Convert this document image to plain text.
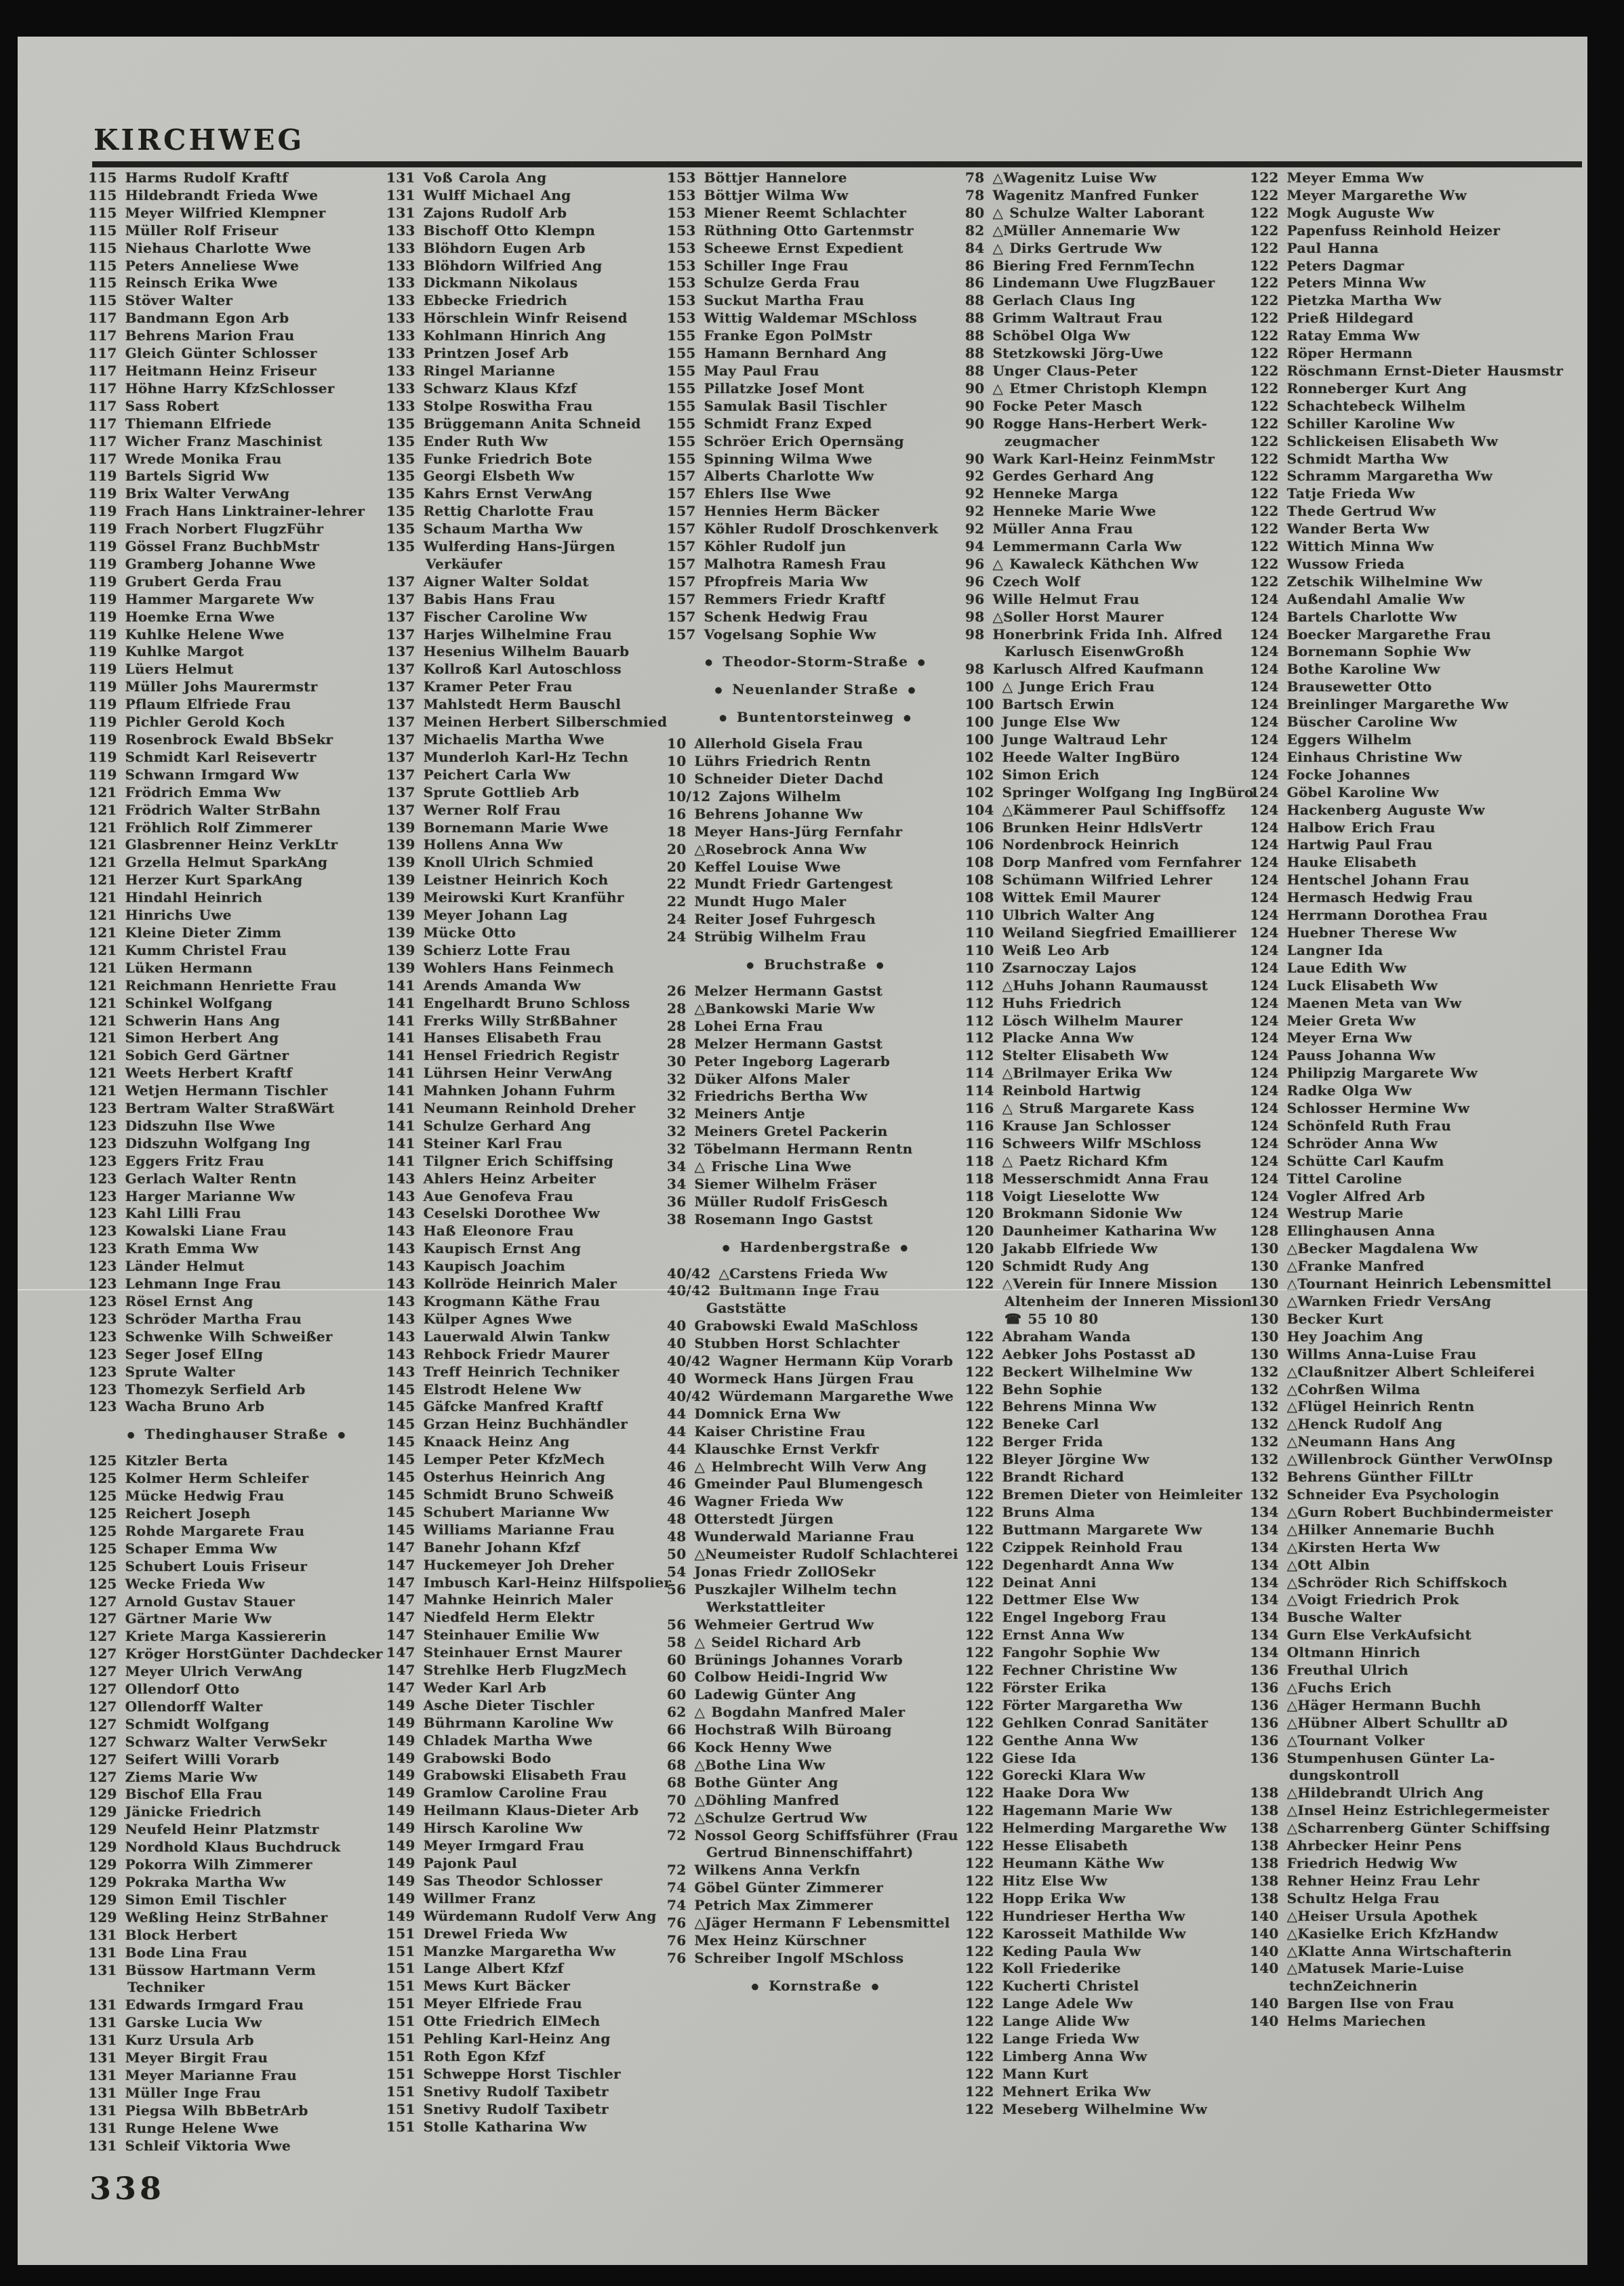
KIRCHWEG
115 Harms Rudolf Kraftf
115 Hildebrandt Frieda Wwe
115 Meyer Wilfried Klempner
115 Müller Rolf Friseur
115 Niehaus Charlotte Wwe
115 Peters Anneliese Wwe
115 Reinsch Erika Wwe
115 Stöver Walter
117 Bandmann Egon Arb
117 Behrens Marion Frau
117 Gleich Günter Schlosser
117 Heitmann Heinz Friseur
117 Höhne Harry KfzSchlosser
117 Sass Robert
117 Thiemann Elfriede
117 Wicher Franz Maschinist
117 Wrede Monika Frau
119 Bartels Sigrid Ww
119 Brix Walter VerwAng
119 Frach Hans Linktrainer-lehrer
119 Frach Norbert FlugzFühr
119 Gössel Franz BuchbMstr
119 Gramberg Johanne Wwe
119 Grubert Gerda Frau
119 Hammer Margarete Ww
119 Hoemke Erna Wwe
119 Kuhlke Helene Wwe
119 Kuhlke Margot
119 Lüers Helmut
119 Müller Johs Maurermstr
119 Pflaum Elfriede Frau
119 Pichler Gerold Koch
119 Rosenbrock Ewald BbSekr
119 Schmidt Karl Reisevertr
119 Schwann Irmgard Ww
121 Frödrich Emma Ww
121 Frödrich Walter StrBahn
121 Fröhlich Rolf Zimmerer
121 Glasbrenner Heinz VerkLtr
121 Grzella Helmut SparkAng
121 Herzer Kurt SparkAng
121 Hindahl Heinrich
121 Hinrichs Uwe
121 Kleine Dieter Zimm
121 Kumm Christel Frau
121 Lüken Hermann
121 Reichmann Henriette Frau
121 Schinkel Wolfgang
121 Schwerin Hans Ang
121 Simon Herbert Ang
121 Sobich Gerd Gärtner
121 Weets Herbert Kraftf
121 Wetjen Hermann Tischler
123 Bertram Walter StraßWärt
123 Didszuhn Ilse Wwe
123 Didszuhn Wolfgang Ing
123 Eggers Fritz Frau
123 Gerlach Walter Rentn
123 Harger Marianne Ww
123 Kahl Lilli Frau
123 Kowalski Liane Frau
123 Krath Emma Ww
123 Länder Helmut
123 Lehmann Inge Frau
123 Rösel Ernst Ang
123 Schröder Martha Frau
123 Schwenke Wilh Schweißer
123 Seger Josef ElIng
123 Sprute Walter
123 Thomezyk Serfield Arb
123 Wacha Bruno Arb
● Thedinghauser Straße ●
125 Kitzler Berta
125 Kolmer Herm Schleifer
125 Mücke Hedwig Frau
125 Reichert Joseph
125 Rohde Margarete Frau
125 Schaper Emma Ww
125 Schubert Louis Friseur
125 Wecke Frieda Ww
127 Arnold Gustav Stauer
127 Gärtner Marie Ww
127 Kriete Marga Kassiererin
127 Kröger HorstGünter Dachdecker
127 Meyer Ulrich VerwAng
127 Ollendorf Otto
127 Ollendorff Walter
127 Schmidt Wolfgang
127 Schwarz Walter VerwSekr
127 Seifert Willi Vorarb
127 Ziems Marie Ww
129 Bischof Ella Frau
129 Jänicke Friedrich
129 Neufeld Heinr Platzmstr
129 Nordhold Klaus Buchdruck
129 Pokorra Wilh Zimmerer
129 Pokraka Martha Ww
129 Simon Emil Tischler
129 Weßling Heinz StrBahner
131 Block Herbert
131 Bode Lina Frau
131 Büssow Hartmann Verm Techniker
131 Edwards Irmgard Frau
131 Garske Lucia Ww
131 Kurz Ursula Arb
131 Meyer Birgit Frau
131 Meyer Marianne Frau
131 Müller Inge Frau
131 Piegsa Wilh BbBetrArb
131 Runge Helene Wwe
131 Schleif Viktoria Wwe
131 Voß Carola Ang
131 Wulff Michael Ang
131 Zajons Rudolf Arb
133 Bischoff Otto Klempn
133 Blöhdorn Eugen Arb
133 Blöhdorn Wilfried Ang
133 Dickmann Nikolaus
133 Ebbecke Friedrich
133 Hörschlein Winfr Reisend
133 Kohlmann Hinrich Ang
133 Printzen Josef Arb
133 Ringel Marianne
133 Schwarz Klaus Kfzf
133 Stolpe Roswitha Frau
135 Brüggemann Anita Schneid
135 Ender Ruth Ww
135 Funke Friedrich Bote
135 Georgi Elsbeth Ww
135 Kahrs Ernst VerwAng
135 Rettig Charlotte Frau
135 Schaum Martha Ww
135 Wulferding Hans-Jürgen Verkäufer
137 Aigner Walter Soldat
137 Babis Hans Frau
137 Fischer Caroline Ww
137 Harjes Wilhelmine Frau
137 Hesenius Wilhelm Bauarb
137 Kollroß Karl Autoschloss
137 Kramer Peter Frau
137 Mahlstedt Herm Bauschl
137 Meinen Herbert Silberschmied
137 Michaelis Martha Wwe
137 Munderloh Karl-Hz Techn
137 Peichert Carla Ww
137 Sprute Gottlieb Arb
137 Werner Rolf Frau
139 Bornemann Marie Wwe
139 Hollens Anna Ww
139 Knoll Ulrich Schmied
139 Leistner Heinrich Koch
139 Meirowski Kurt Kranführ
139 Meyer Johann Lag
139 Mücke Otto
139 Schierz Lotte Frau
139 Wohlers Hans Feinmech
141 Arends Amanda Ww
141 Engelhardt Bruno Schloss
141 Frerks Willy StrßBahner
141 Hanses Elisabeth Frau
141 Hensel Friedrich Registr
141 Lührsen Heinr VerwAng
141 Mahnken Johann Fuhrm
141 Neumann Reinhold Dreher
141 Schulze Gerhard Ang
141 Steiner Karl Frau
141 Tilgner Erich Schiffsing
143 Ahlers Heinz Arbeiter
143 Aue Genofeva Frau
143 Ceselski Dorothee Ww
143 Haß Eleonore Frau
143 Kaupisch Ernst Ang
143 Kaupisch Joachim
143 Kollröde Heinrich Maler
143 Krogmann Käthe Frau
143 Külper Agnes Wwe
143 Lauerwald Alwin Tankw
143 Rehbock Friedr Maurer
143 Treff Heinrich Techniker
145 Elstrodt Helene Ww
145 Gäfcke Manfred Kraftf
145 Grzan Heinz Buchhändler
145 Knaack Heinz Ang
145 Lemper Peter KfzMech
145 Osterhus Heinrich Ang
145 Schmidt Bruno Schweiß
145 Schubert Marianne Ww
145 Williams Marianne Frau
147 Banehr Johann Kfzf
147 Huckemeyer Joh Dreher
147 Imbusch Karl-Heinz Hilfspolier
147 Mahnke Heinrich Maler
147 Niedfeld Herm Elektr
147 Steinhauer Emilie Ww
147 Steinhauer Ernst Maurer
147 Strehlke Herb FlugzMech
147 Weder Karl Arb
149 Asche Dieter Tischler
149 Bührmann Karoline Ww
149 Chladek Martha Wwe
149 Grabowski Bodo
149 Grabowski Elisabeth Frau
149 Gramlow Caroline Frau
149 Heilmann Klaus-Dieter Arb
149 Hirsch Karoline Ww
149 Meyer Irmgard Frau
149 Pajonk Paul
149 Sas Theodor Schlosser
149 Willmer Franz
149 Würdemann Rudolf Verw Ang
151 Drewel Frieda Ww
151 Manzke Margaretha Ww
151 Lange Albert Kfzf
151 Mews Kurt Bäcker
151 Meyer Elfriede Frau
151 Otte Friedrich ElMech
151 Pehling Karl-Heinz Ang
151 Roth Egon Kfzf
151 Schweppe Horst Tischler
151 Snetivy Rudolf Taxibetr
151 Snetivy Rudolf Taxibetr
151 Stolle Katharina Ww
153 Böttjer Hannelore
153 Böttjer Wilma Ww
153 Miener Reemt Schlachter
153 Rüthning Otto Gartenmstr
153 Scheewe Ernst Expedient
153 Schiller Inge Frau
153 Schulze Gerda Frau
153 Suckut Martha Frau
153 Wittig Waldemar MSchloss
155 Franke Egon PolMstr
155 Hamann Bernhard Ang
155 May Paul Frau
155 Pillatzke Josef Mont
155 Samulak Basil Tischler
155 Schmidt Franz Exped
155 Schröer Erich Opernsäng
155 Spinning Wilma Wwe
157 Alberts Charlotte Ww
157 Ehlers Ilse Wwe
157 Hennies Herm Bäcker
157 Köhler Rudolf Droschkenverk
157 Köhler Rudolf jun
157 Malhotra Ramesh Frau
157 Pfropfreis Maria Ww
157 Remmers Friedr Kraftf
157 Schenk Hedwig Frau
157 Vogelsang Sophie Ww
● Theodor-Storm-Straße ●
● Neuenlander Straße ●
● Buntentorsteinweg ●
10 Allerhold Gisela Frau
10 Lührs Friedrich Rentn
10 Schneider Dieter Dachd
10/12 Zajons Wilhelm
16 Behrens Johanne Ww
18 Meyer Hans-Jürg Fernfahr
20 △Rosebrock Anna Ww
20 Keffel Louise Wwe
22 Mundt Friedr Gartengest
22 Mundt Hugo Maler
24 Reiter Josef Fuhrgesch
24 Strübig Wilhelm Frau
● Bruchstraße ●
26 Melzer Hermann Gastst
28 △Bankowski Marie Ww
28 Lohei Erna Frau
28 Melzer Hermann Gastst
30 Peter Ingeborg Lagerarb
32 Düker Alfons Maler
32 Friedrichs Bertha Ww
32 Meiners Antje
32 Meiners Gretel Packerin
32 Töbelmann Hermann Rentn
34 △ Frische Lina Wwe
34 Siemer Wilhelm Fräser
36 Müller Rudolf FrisGesch
38 Rosemann Ingo Gastst
● Hardenbergstraße ●
40/42 △Carstens Frieda Ww
40/42 Bultmann Inge Frau Gaststätte
40 Grabowski Ewald MaSchloss
40 Stubben Horst Schlachter
40/42 Wagner Hermann Küp Vorarb
40 Wormeck Hans Jürgen Frau
40/42 Würdemann Margarethe Wwe
44 Domnick Erna Ww
44 Kaiser Christine Frau
44 Klauschke Ernst Verkfr
46 △ Helmbrecht Wilh Verw Ang
46 Gmeinder Paul Blumengesch
46 Wagner Frieda Ww
48 Otterstedt Jürgen
48 Wunderwald Marianne Frau
50 △Neumeister Rudolf Schlachterei
54 Jonas Friedr ZollOSekr
56 Puszkajler Wilhelm techn Werkstattleiter
56 Wehmeier Gertrud Ww
58 △ Seidel Richard Arb
60 Brünings Johannes Vorarb
60 Colbow Heidi-Ingrid Ww
60 Ladewig Günter Ang
62 △ Bogdahn Manfred Maler
66 Hochstraß Wilh Büroang
66 Kock Henny Wwe
68 △Bothe Lina Ww
68 Bothe Günter Ang
70 △Döhling Manfred
72 △Schulze Gertrud Ww
72 Nossol Georg Schiffsführer (Frau Gertrud Binnenschiffahrt)
72 Wilkens Anna Verkfn
74 Göbel Günter Zimmerer
74 Petrich Max Zimmerer
76 △Jäger Hermann F Lebensmittel
76 Mex Heinz Kürschner
76 Schreiber Ingolf MSchloss
● Kornstraße ●
78 △Wagenitz Luise Ww
78 Wagenitz Manfred Funker
80 △ Schulze Walter Laborant
82 △Müller Annemarie Ww
84 △ Dirks Gertrude Ww
86 Biering Fred FernmTechn
86 Lindemann Uwe FlugzBauer
88 Gerlach Claus Ing
88 Grimm Waltraut Frau
88 Schöbel Olga Ww
88 Stetzkowski Jörg-Uwe
88 Unger Claus-Peter
90 △ Etmer Christoph Klempn
90 Focke Peter Masch
90 Rogge Hans-Herbert Werkzeugmacher
90 Wark Karl-Heinz FeinmMstr
92 Gerdes Gerhard Ang
92 Henneke Marga
92 Henneke Marie Wwe
92 Müller Anna Frau
94 Lemmermann Carla Ww
96 △ Kawaleck Käthchen Ww
96 Czech Wolf
96 Wille Helmut Frau
98 △Soller Horst Maurer
98 Honerbrink Frida Inh. Alfred Karlusch EisenwGroßh
98 Karlusch Alfred Kaufmann
100 △ Junge Erich Frau
100 Bartsch Erwin
100 Junge Else Ww
100 Junge Waltraud Lehr
102 Heede Walter IngBüro
102 Simon Erich
102 Springer Wolfgang Ing IngBüro
104 △Kämmerer Paul Schiffsoffz
106 Brunken Heinr HdlsVertr
106 Nordenbrock Heinrich
108 Dorp Manfred vom Fernfahrer
108 Schümann Wilfried Lehrer
108 Wittek Emil Maurer
110 Ulbrich Walter Ang
110 Weiland Siegfried Emaillierer
110 Weiß Leo Arb
110 Zsarnoczay Lajos
112 △Huhs Johann Raumausst
112 Huhs Friedrich
112 Lösch Wilhelm Maurer
112 Placke Anna Ww
112 Stelter Elisabeth Ww
114 △Brilmayer Erika Ww
114 Reinbold Hartwig
116 △ Struß Margarete Kass
116 Krause Jan Schlosser
116 Schweers Wilfr MSchloss
118 △ Paetz Richard Kfm
118 Messerschmidt Anna Frau
118 Voigt Lieselotte Ww
120 Brokmann Sidonie Ww
120 Daunheimer Katharina Ww
120 Jakabb Elfriede Ww
120 Schmidt Rudy Ang
122 △Verein für Innere Mission Altenheim der Inneren Mission ☎ 55 10 80
122 Abraham Wanda
122 Aebker Johs Postasst aD
122 Beckert Wilhelmine Ww
122 Behn Sophie
122 Behrens Minna Ww
122 Beneke Carl
122 Berger Frida
122 Bleyer Jörgine Ww
122 Brandt Richard
122 Bremen Dieter von Heimleiter
122 Bruns Alma
122 Buttmann Margarete Ww
122 Czippek Reinhold Frau
122 Degenhardt Anna Ww
122 Deinat Anni
122 Dettmer Else Ww
122 Engel Ingeborg Frau
122 Ernst Anna Ww
122 Fangohr Sophie Ww
122 Fechner Christine Ww
122 Förster Erika
122 Förter Margaretha Ww
122 Gehlken Conrad Sanitäter
122 Genthe Anna Ww
122 Giese Ida
122 Gorecki Klara Ww
122 Haake Dora Ww
122 Hagemann Marie Ww
122 Helmerding Margarethe Ww
122 Hesse Elisabeth
122 Heumann Käthe Ww
122 Hitz Else Ww
122 Hopp Erika Ww
122 Hundrieser Hertha Ww
122 Karosseit Mathilde Ww
122 Keding Paula Ww
122 Koll Friederike
122 Kucherti Christel
122 Lange Adele Ww
122 Lange Alide Ww
122 Lange Frieda Ww
122 Limberg Anna Ww
122 Mann Kurt
122 Mehnert Erika Ww
122 Meseberg Wilhelmine Ww
122 Meyer Emma Ww
122 Meyer Margarethe Ww
122 Mogk Auguste Ww
122 Papenfuss Reinhold Heizer
122 Paul Hanna
122 Peters Dagmar
122 Peters Minna Ww
122 Pietzka Martha Ww
122 Prieß Hildegard
122 Ratay Emma Ww
122 Röper Hermann
122 Röschmann Ernst-Dieter Hausmstr
122 Ronneberger Kurt Ang
122 Schachtebeck Wilhelm
122 Schiller Karoline Ww
122 Schlickeisen Elisabeth Ww
122 Schmidt Martha Ww
122 Schramm Margaretha Ww
122 Tatje Frieda Ww
122 Thede Gertrud Ww
122 Wander Berta Ww
122 Wittich Minna Ww
122 Wussow Frieda
122 Zetschik Wilhelmine Ww
124 Außendahl Amalie Ww
124 Bartels Charlotte Ww
124 Boecker Margarethe Frau
124 Bornemann Sophie Ww
124 Bothe Karoline Ww
124 Brausewetter Otto
124 Breinlinger Margarethe Ww
124 Büscher Caroline Ww
124 Eggers Wilhelm
124 Einhaus Christine Ww
124 Focke Johannes
124 Göbel Karoline Ww
124 Hackenberg Auguste Ww
124 Halbow Erich Frau
124 Hartwig Paul Frau
124 Hauke Elisabeth
124 Hentschel Johann Frau
124 Hermasch Hedwig Frau
124 Herrmann Dorothea Frau
124 Huebner Therese Ww
124 Langner Ida
124 Laue Edith Ww
124 Luck Elisabeth Ww
124 Maenen Meta van Ww
124 Meier Greta Ww
124 Meyer Erna Ww
124 Pauss Johanna Ww
124 Philipzig Margarete Ww
124 Radke Olga Ww
124 Schlosser Hermine Ww
124 Schönfeld Ruth Frau
124 Schröder Anna Ww
124 Schütte Carl Kaufm
124 Tittel Caroline
124 Vogler Alfred Arb
124 Westrup Marie
128 Ellinghausen Anna
130 △Becker Magdalena Ww
130 △Franke Manfred
130 △Tournant Heinrich Lebensmittel
130 △Warnken Friedr VersAng
130 Becker Kurt
130 Hey Joachim Ang
130 Willms Anna-Luise Frau
132 △Claußnitzer Albert Schleiferei
132 △Cohrßen Wilma
132 △Flügel Heinrich Rentn
132 △Henck Rudolf Ang
132 △Neumann Hans Ang
132 △Willenbrock Günther VerwOInsp
132 Behrens Günther FilLtr
132 Schneider Eva Psychologin
134 △Gurn Robert Buchbindermeister
134 △Hilker Annemarie Buchh
134 △Kirsten Herta Ww
134 △Ott Albin
134 △Schröder Rich Schiffskoch
134 △Voigt Friedrich Prok
134 Busche Walter
134 Gurn Else VerkAufsicht
134 Oltmann Hinrich
136 Freuthal Ulrich
136 △Fuchs Erich
136 △Häger Hermann Buchh
136 △Hübner Albert Schulltr aD
136 △Tournant Volker
136 Stumpenhusen Günter Ladungskontroll
138 △Hildebrandt Ulrich Ang
138 △Insel Heinz Estrichlegermeister
138 △Scharrenberg Günter Schiffsing
138 Ahrbecker Heinr Pens
138 Friedrich Hedwig Ww
138 Rehner Heinz Frau Lehr
138 Schultz Helga Frau
140 △Heiser Ursula Apothek
140 △Kasielke Erich KfzHandw
140 △Klatte Anna Wirtschafterin
140 △Matusek Marie-Luise technZeichnerin
140 Bargen Ilse von Frau
140 Helms Mariechen
338
